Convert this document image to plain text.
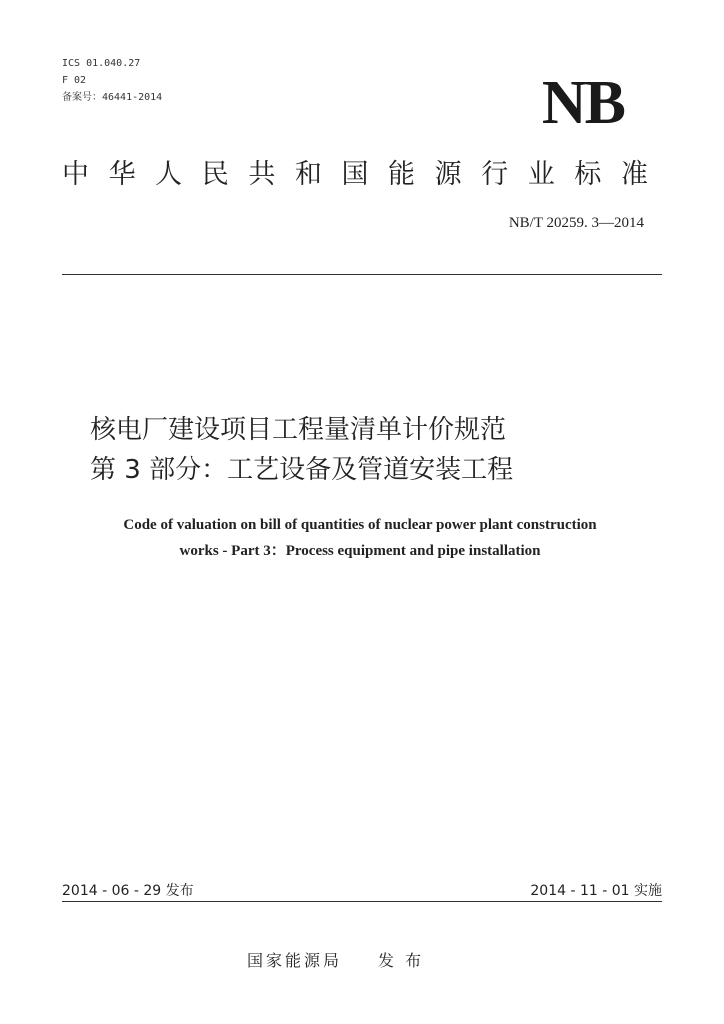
ICS 01.040.27
F 02
备案号：46441-2014	NB
中 华 人 民 共 和 国 能 源 行 业 标 准
NB/T 20259. 3—2014
核电厂建设项目工程量清单计价规范
第 3 部分：工艺设备及管道安装工程
Code of valuation on bill of quantities of nuclear power plant construction
works - Part 3：Process equipment and pipe installation
2014 - 06 - 29 发布	2014 - 11 - 01 实施
国家能源局 发 布
